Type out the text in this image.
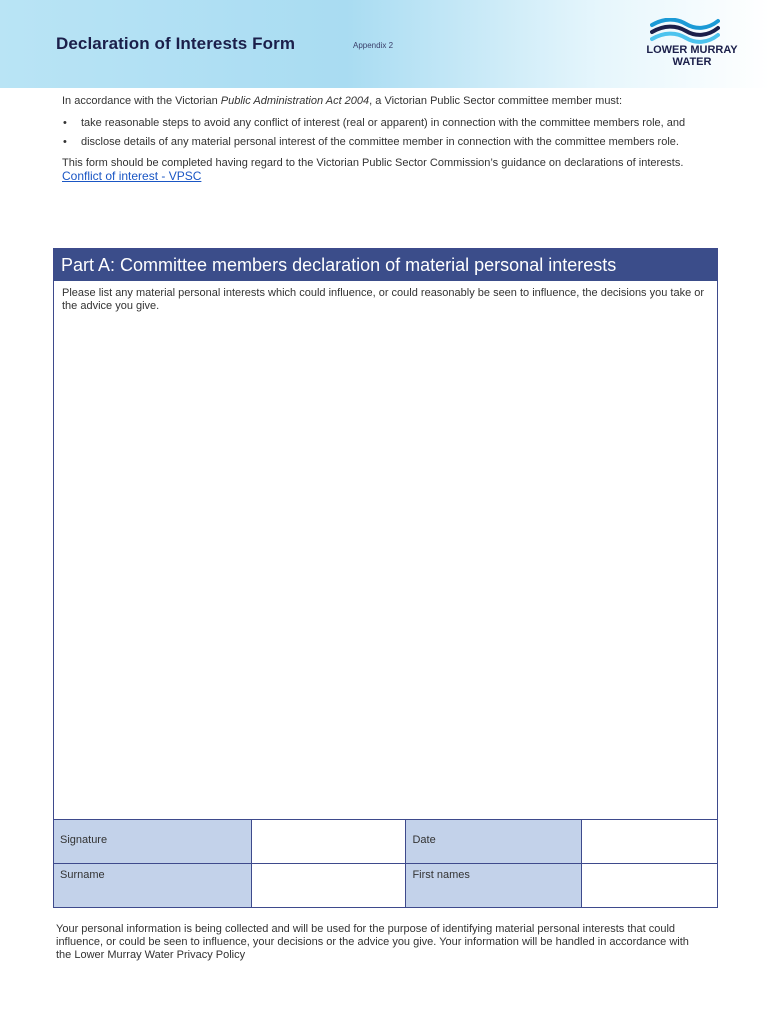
Declaration of Interests Form	Appendix 2	LOWER MURRAY
WATER

In accordance with the Victorian Public Administration Act 2004, a Victorian Public Sector committee member must:

• take reasonable steps to avoid any conflict of interest (real or apparent) in connection with the committee members role, and
• disclose details of any material personal interest of the committee member in connection with the committee members role.

This form should be completed having regard to the Victorian Public Sector Commission’s guidance on declarations of interests. Conflict of interest - VPSC

Part A: Committee members declaration of material personal interests
Please list any material personal interests which could influence, or could reasonably be seen to influence, the decisions you take or the advice you give.
Signature		Date	
Surname		First names	
Your personal information is being collected and will be used for the purpose of identifying material personal interests that could influence, or could be seen to influence, your decisions or the advice you give. Your information will be handled in accordance with the Lower Murray Water Privacy Policy
